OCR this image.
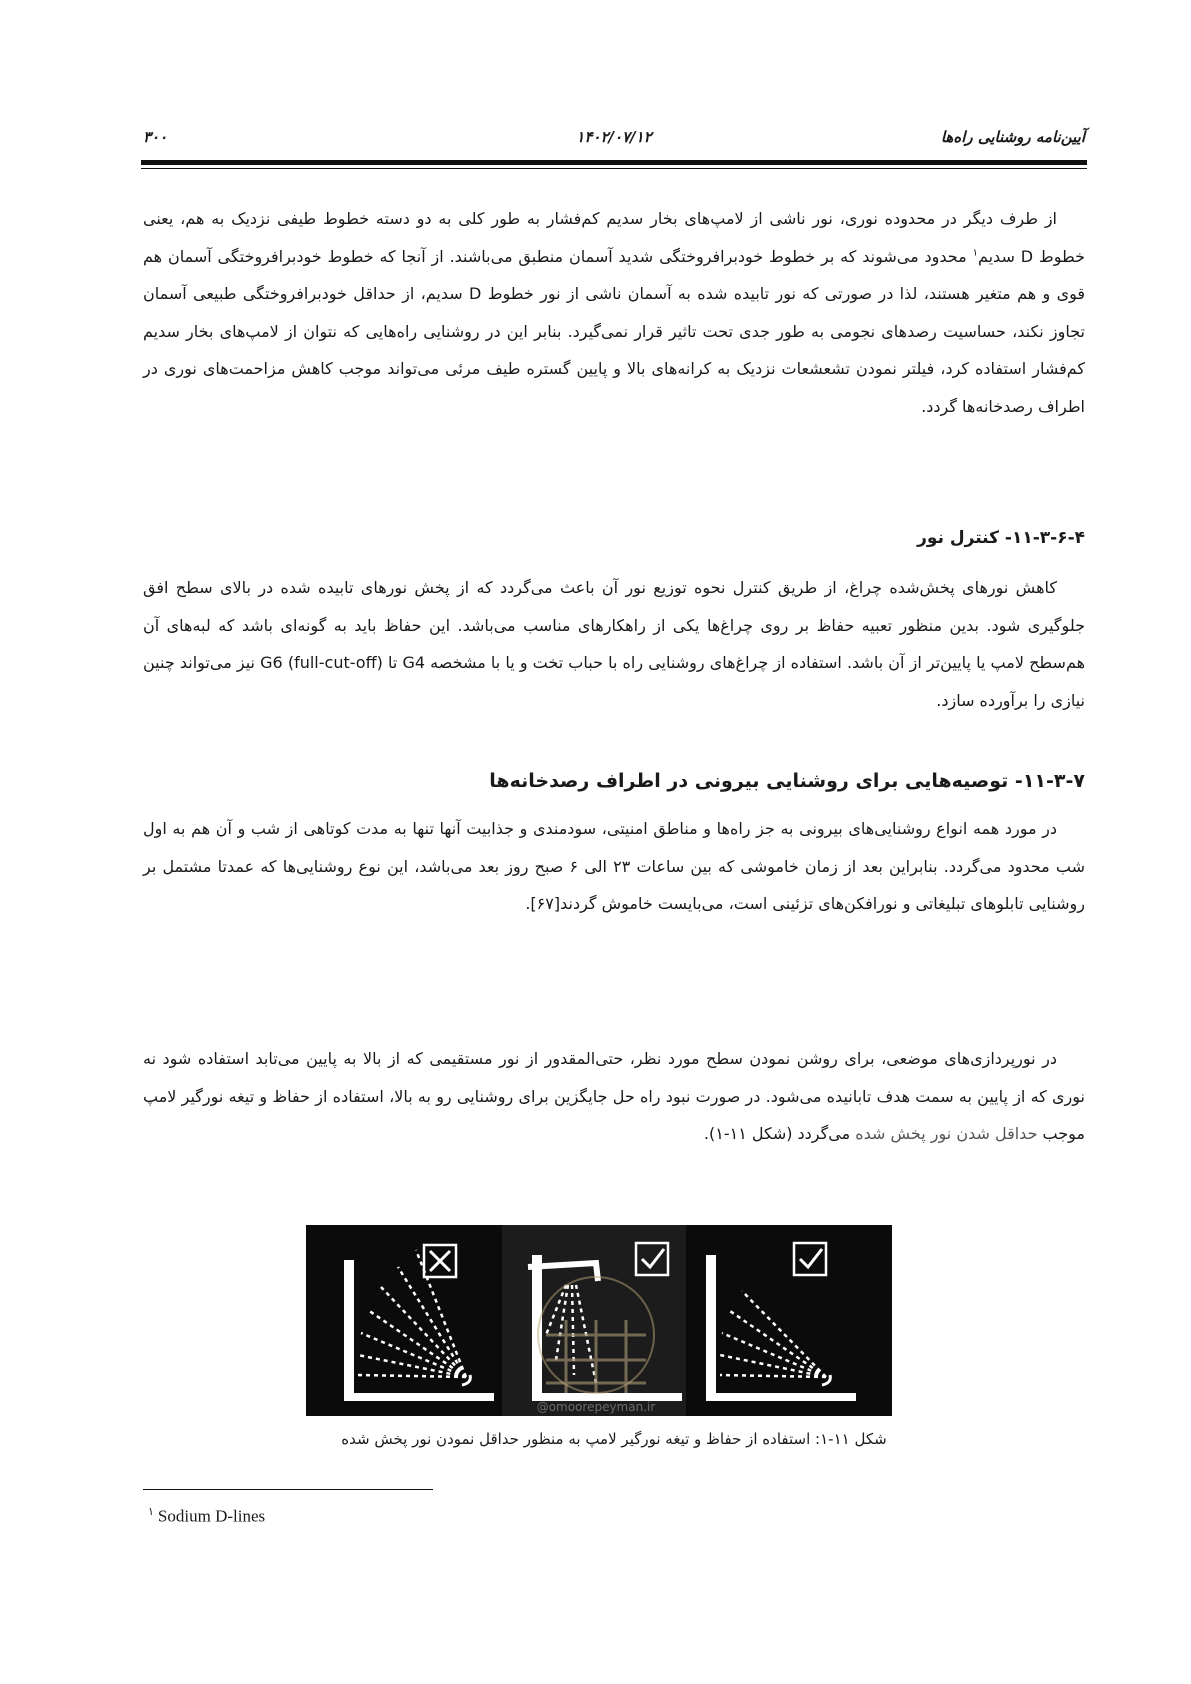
آیین‌نامه روشنایی راه‌ها
۱۴۰۲/۰۷/۱۲
۳۰۰

از طرف دیگر در محدوده نوری، نور ناشی از لامپ‌های بخار سدیم کم‌فشار به طور کلی به دو دسته خطوط طیفی نزدیک به هم، یعنی خطوط D سدیم$^۱$ محدود می‌شوند که بر خطوط خودبرافروختگی شدید آسمان منطبق می‌باشند. از آنجا که خطوط خودبرافروختگی آسمان هم قوی و هم متغیر هستند، لذا در صورتی که نور تابیده شده به آسمان ناشی از نور خطوط D سدیم، از حداقل خودبرافروختگی طبیعی آسمان تجاوز نکند، حساسیت رصدهای نجومی به طور جدی تحت تاثیر قرار نمی‌گیرد. بنابر این در روشنایی راه‌هایی که نتوان از لامپ‌های بخار سدیم کم‌فشار استفاده کرد، فیلتر نمودن تشعشعات نزدیک به کرانه‌های بالا و پایین گستره طیف مرئی می‌تواند موجب کاهش مزاحمت‌های نوری در اطراف رصدخانه‌ها گردد.

۱۱-۳-۶-۴- کنترل نور

کاهش نورهای پخش‌شده چراغ، از طریق کنترل نحوه توزیع نور آن باعث می‌گردد که از پخش نورهای تابیده شده در بالای سطح افق جلوگیری شود. بدین منظور تعبیه حفاظ بر روی چراغ‌ها یکی از راهکارهای مناسب می‌باشد. این حفاظ باید به گونه‌ای باشد که لبه‌های آن هم‌سطح لامپ یا پایین‌تر از آن باشد. استفاده از چراغ‌های روشنایی راه با حباب تخت و یا با مشخصه G4 تا G6 (full-cut-off) نیز می‌تواند چنین نیازی را برآورده سازد.

۱۱-۳-۷- توصیه‌هایی برای روشنایی بیرونی در اطراف رصدخانه‌ها

در مورد همه انواع روشنایی‌های بیرونی به جز راه‌ها و مناطق امنیتی، سودمندی و جذابیت آنها تنها به مدت کوتاهی از شب و آن هم به اول شب محدود می‌گردد. بنابراین بعد از زمان خاموشی که بین ساعات ۲۳ الی ۶ صبح روز بعد می‌باشد، این نوع روشنایی‌ها که عمدتا مشتمل بر روشنایی تابلوهای تبلیغاتی و نورافکن‌های تزئینی است، می‌بایست خاموش گردند[۶۷].

در نورپردازی‌های موضعی، برای روشن نمودن سطح مورد نظر، حتی‌المقدور از نور مستقیمی که از بالا به پایین می‌تابد استفاده شود نه نوری که از پایین به سمت هدف تابانیده می‌شود. در صورت نبود راه حل جایگزین برای روشنایی رو به بالا، استفاده از حفاظ و تیغه نورگیر لامپ موجب حداقل شدن نور پخش شده می‌گردد (شکل ۱۱-۱).

@omoorepeyman.ir
شکل ۱۱-۱: استفاده از حفاظ و تیغه نورگیر لامپ به منظور حداقل نمودن نور پخش شده
$^۱$ Sodium D-lines
